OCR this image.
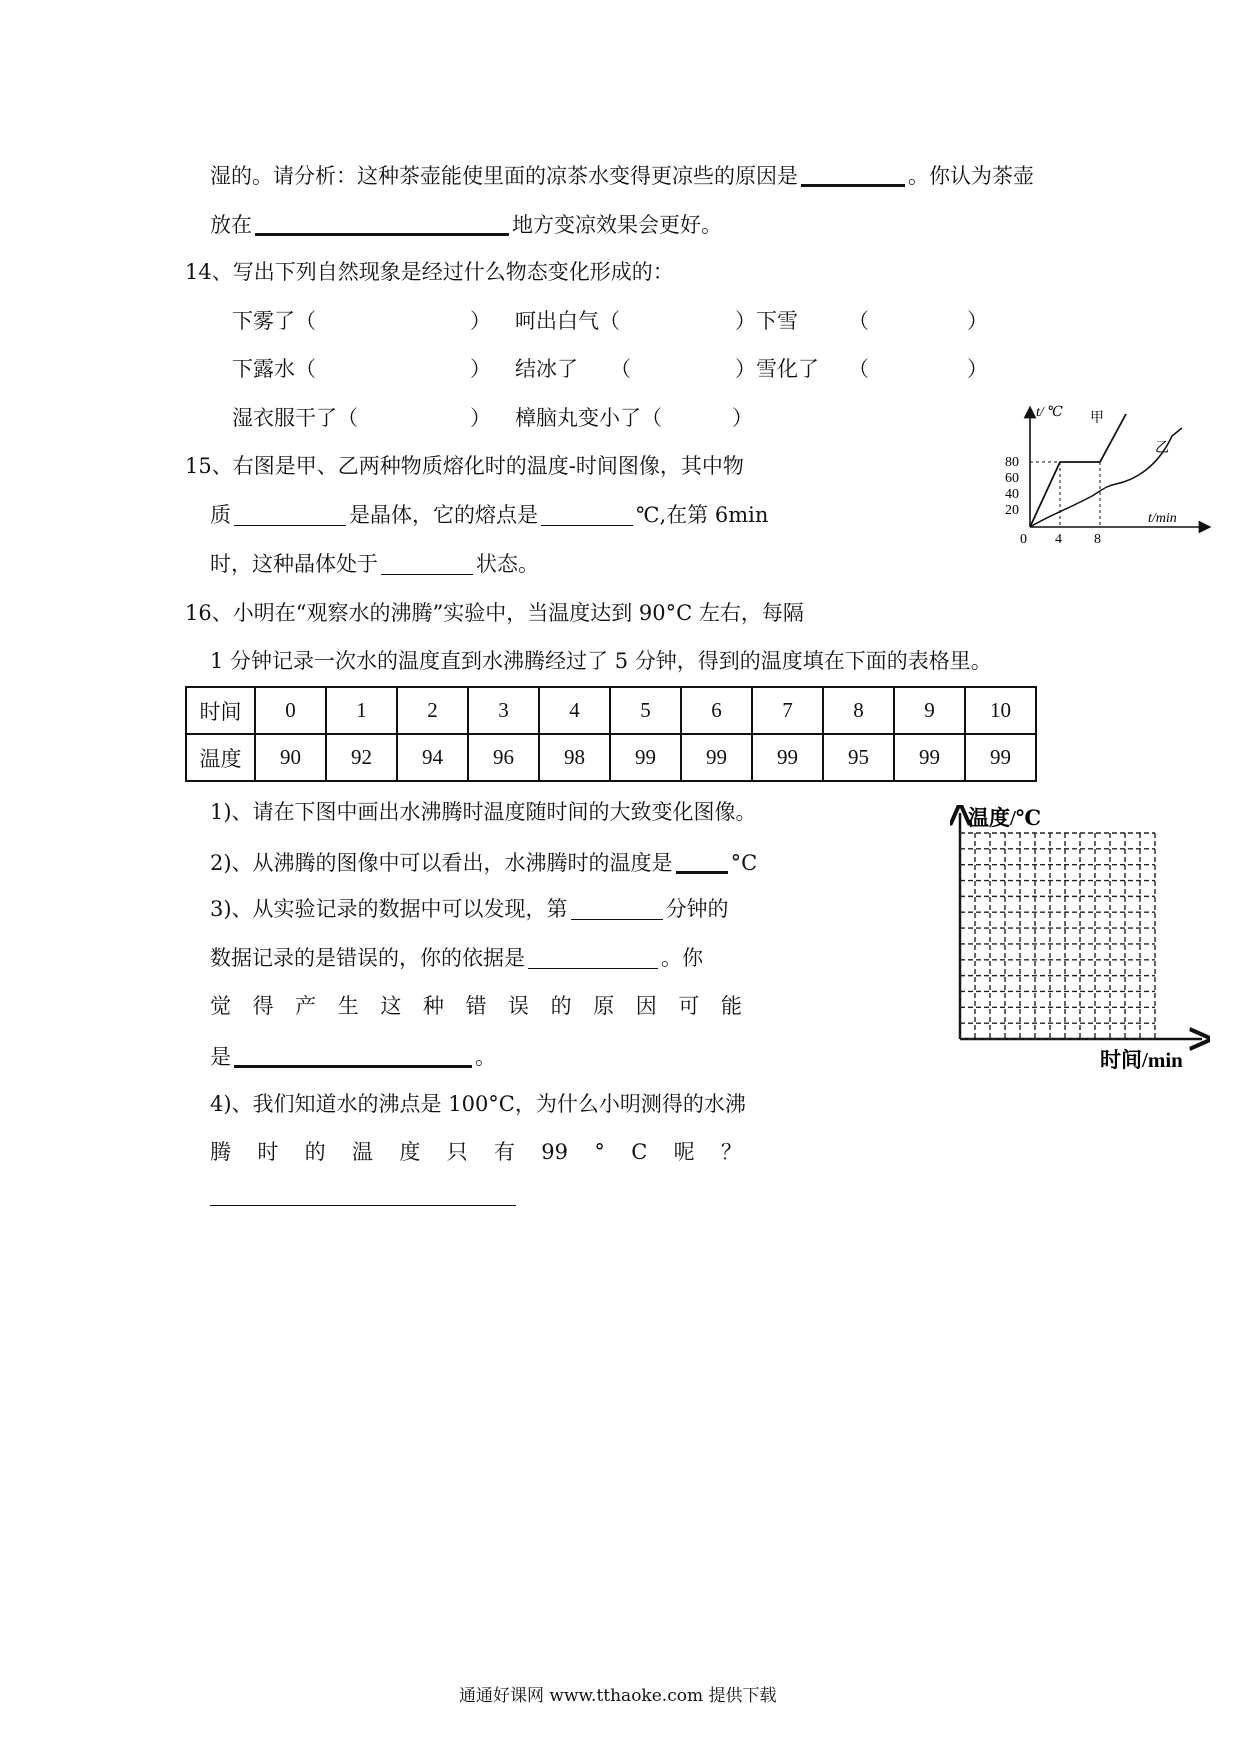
湿的。请分析：这种茶壶能使里面的凉茶水变得更凉些的原因是	。你认为茶壶
放在	地方变凉效果会更好。
14、写出下列自然现象是经过什么物态变化形成的：
下雾了（	） 呵出白气（	）下雪 （	）
下露水（	） 结冰了 （	）雪化了 （	）
湿衣服干了（	） 樟脑丸变小了（	）
15、右图是甲、乙两种物质熔化时的温度-时间图像，其中物
质	是晶体，它的熔点是	℃,在第 6min
时，这种晶体处于	状态。
t/ ℃
t/min
80
60
40
20
0 4 8
甲
乙
16、小明在“观察水的沸腾”实验中，当温度达到 90°C 左右，每隔
1 分钟记录一次水的温度直到水沸腾经过了 5 分钟，得到的温度填在下面的表格里。
时间	0	1	2	3	4	5	6	7	8	9	10
温度	90	92	94	96	98	99	99	99	95	99	99
1)、请在下图中画出水沸腾时温度随时间的大致变化图像。
2)、从沸腾的图像中可以看出，水沸腾时的温度是	°C
3)、从实验记录的数据中可以发现，第	分钟的
数据记录的是错误的，你的依据是	。你
觉 得 产 生 这 种 错 误 的 原 因 可 能
是	。
4)、我们知道水的沸点是 100°C，为什么小明测得的水沸
腾 时 的 温 度 只 有 99 ° C 呢 ？
温度/℃
时间/min
通通好课网 www.tthaoke.com 提供下载
